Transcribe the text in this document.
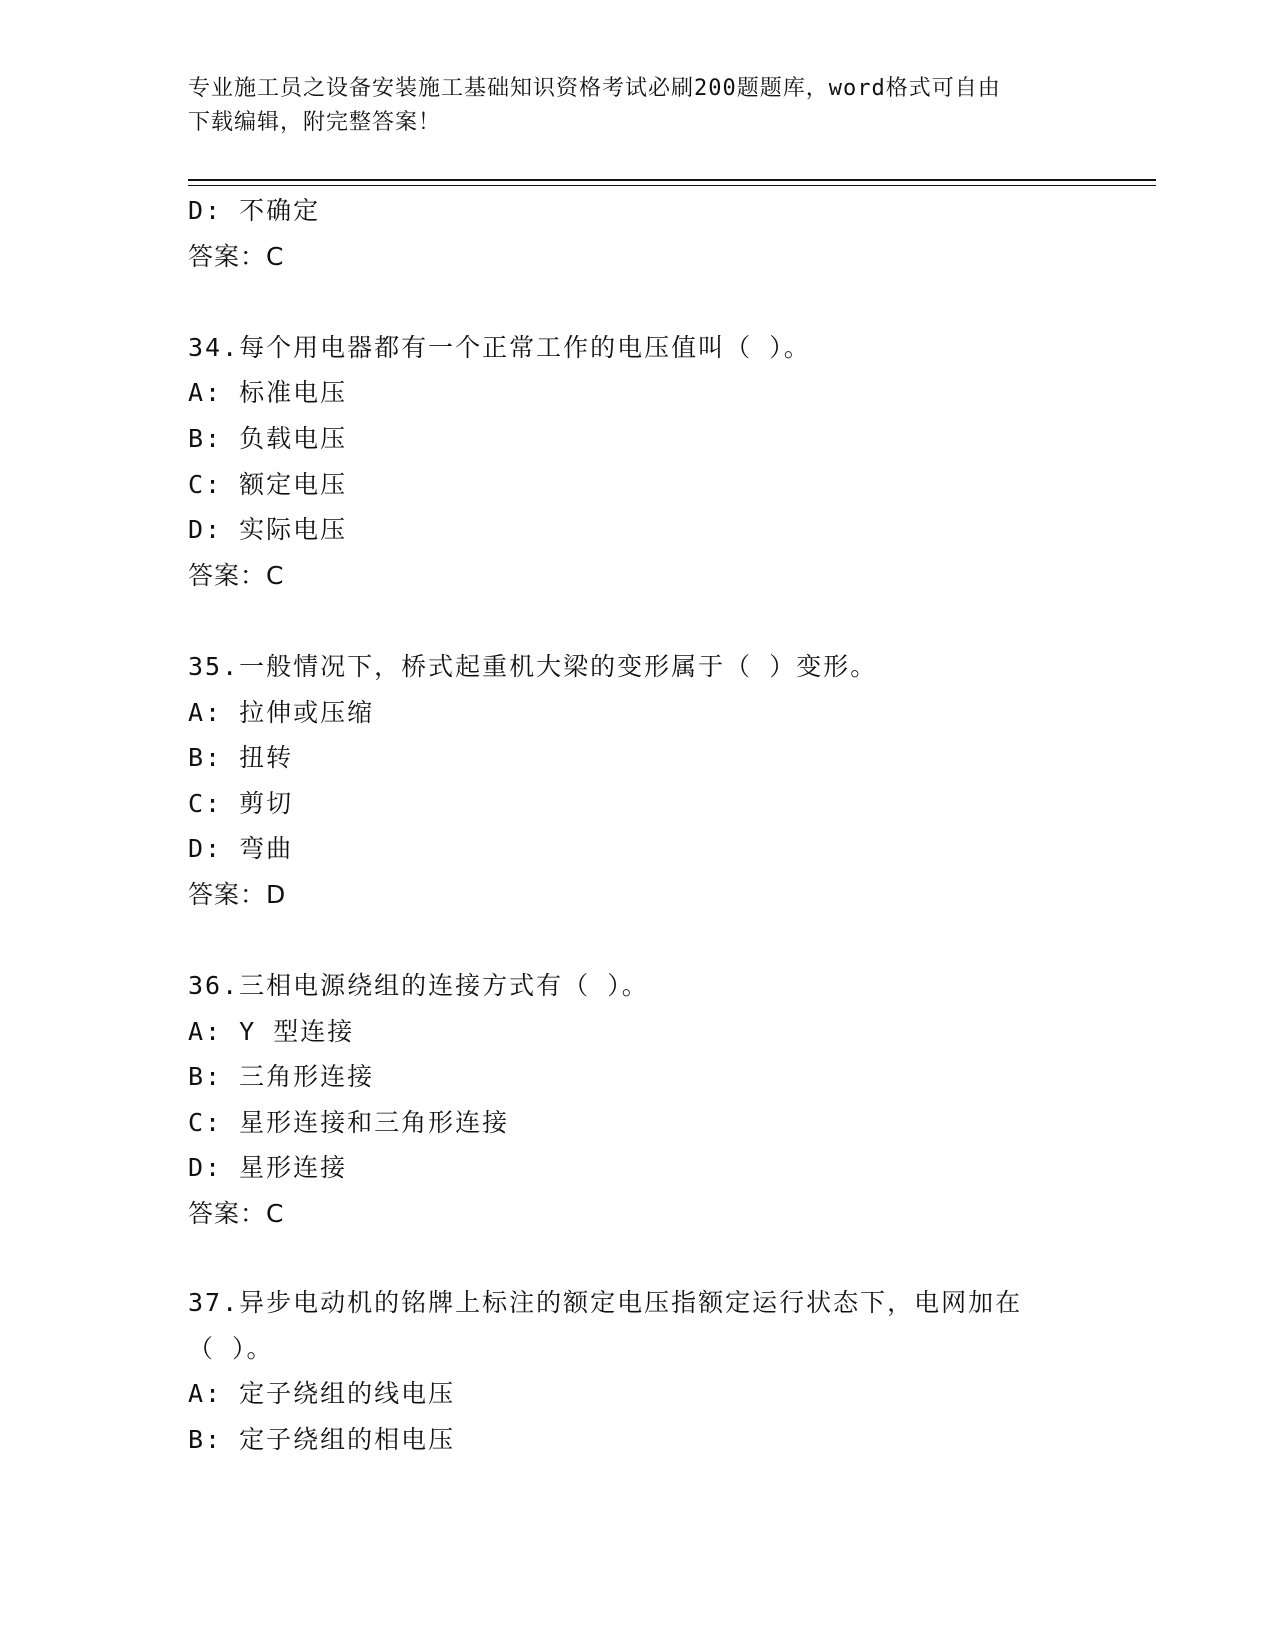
专业施工员之设备安装施工基础知识资格考试必刷200题题库，word格式可自由
下载编辑，附完整答案！
D: 不确定
答案：C
34.每个用电器都有一个正常工作的电压值叫（ ）。
A: 标准电压
B: 负载电压
C: 额定电压
D: 实际电压
答案：C
35.一般情况下，桥式起重机大梁的变形属于（ ）变形。
A: 拉伸或压缩
B: 扭转
C: 剪切
D: 弯曲
答案：D
36.三相电源绕组的连接方式有（ ）。
A: Y 型连接
B: 三角形连接
C: 星形连接和三角形连接
D: 星形连接
答案：C
37.异步电动机的铭牌上标注的额定电压指额定运行状态下，电网加在
（ ）。
A: 定子绕组的线电压
B: 定子绕组的相电压
